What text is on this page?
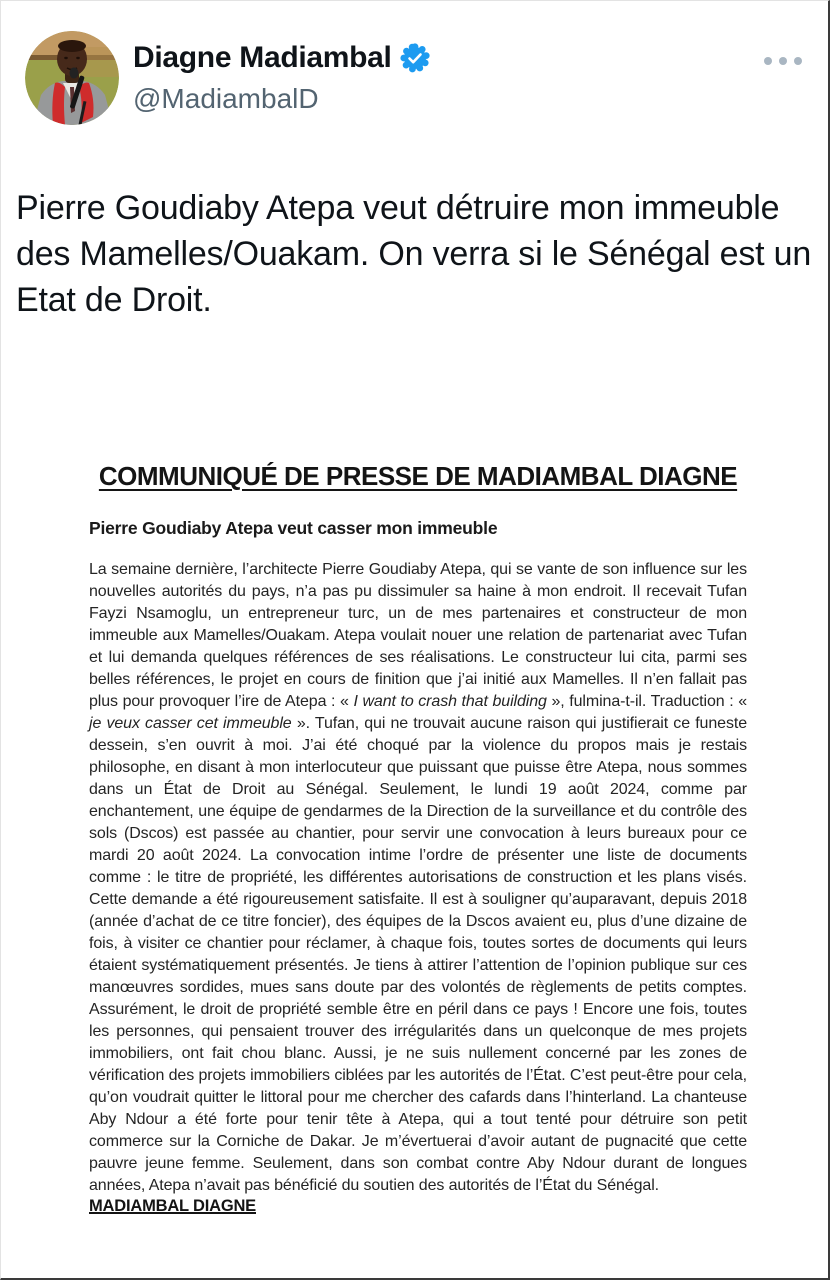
Diagne Madiambal
@MadiambalD
Pierre Goudiaby Atepa veut détruire mon immeuble des Mamelles/Ouakam. On verra si le Sénégal est un Etat de Droit.
COMMUNIQUÉ DE PRESSE DE MADIAMBAL DIAGNE
Pierre Goudiaby Atepa veut casser mon immeuble
La semaine dernière, l’architecte Pierre Goudiaby Atepa, qui se vante de son influence sur les nouvelles autorités du pays, n’a pas pu dissimuler sa haine à mon endroit. Il recevait Tufan Fayzi Nsamoglu, un entrepreneur turc, un de mes partenaires et constructeur de mon immeuble aux Mamelles/Ouakam. Atepa voulait nouer une relation de partenariat avec Tufan et lui demanda quelques références de ses réalisations. Le constructeur lui cita, parmi ses belles références, le projet en cours de finition que j’ai initié aux Mamelles. Il n’en fallait pas plus pour provoquer l’ire de Atepa : « I want to crash that building », fulmina-t-il. Traduction : « je veux casser cet immeuble ». Tufan, qui ne trouvait aucune raison qui justifierait ce funeste dessein, s’en ouvrit à moi. J’ai été choqué par la violence du propos mais je restais philosophe, en disant à mon interlocuteur que puissant que puisse être Atepa, nous sommes dans un État de Droit au Sénégal. Seulement, le lundi 19 août 2024, comme par enchantement, une équipe de gendarmes de la Direction de la surveillance et du contrôle des sols (Dscos) est passée au chantier, pour servir une convocation à leurs bureaux pour ce mardi 20 août 2024. La convocation intime l’ordre de présenter une liste de documents comme : le titre de propriété, les différentes autorisations de construction et les plans visés. Cette demande a été rigoureusement satisfaite. Il est à souligner qu’auparavant, depuis 2018 (année d’achat de ce titre foncier), des équipes de la Dscos avaient eu, plus d’une dizaine de fois, à visiter ce chantier pour réclamer, à chaque fois, toutes sortes de documents qui leurs étaient systématiquement présentés. Je tiens à attirer l’attention de l’opinion publique sur ces manœuvres sordides, mues sans doute par des volontés de règlements de petits comptes. Assurément, le droit de propriété semble être en péril dans ce pays ! Encore une fois, toutes les personnes, qui pensaient trouver des irrégularités dans un quelconque de mes projets immobiliers, ont fait chou blanc. Aussi, je ne suis nullement concerné par les zones de vérification des projets immobiliers ciblées par les autorités de l’État. C’est peut-être pour cela, qu’on voudrait quitter le littoral pour me chercher des cafards dans l’hinterland. La chanteuse Aby Ndour a été forte pour tenir tête à Atepa, qui a tout tenté pour détruire son petit commerce sur la Corniche de Dakar. Je m’évertuerai d’avoir autant de pugnacité que cette pauvre jeune femme. Seulement, dans son combat contre Aby Ndour durant de longues années, Atepa n’avait pas bénéficié du soutien des autorités de l’État du Sénégal.
MADIAMBAL DIAGNE
